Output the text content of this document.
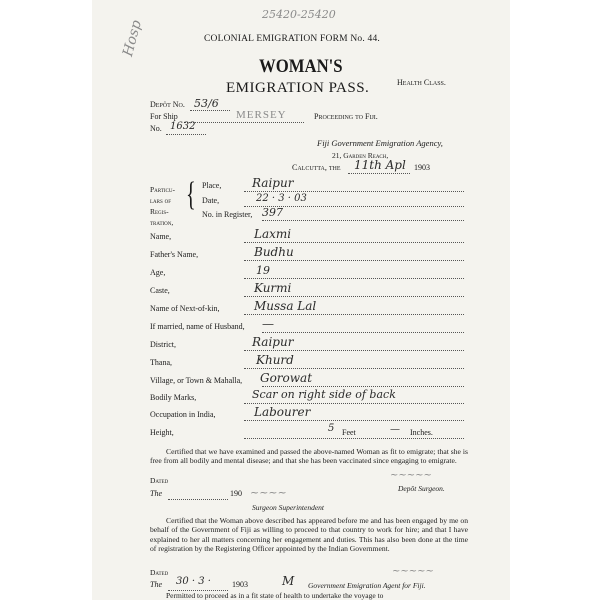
25420-25420
COLONIAL EMIGRATION FORM No. 44.
Hosp
WOMAN'S
EMIGRATION PASS.	Health Class.
Depôt No. 53/6
For Ship	MERSEY	Proceeding to Fiji.
No. 1632
Fiji Government Emigration Agency,
21, Garden Reach,
Calcutta, the 11th Apl 1903
Particu-
lars of
Regis-
tration,
{ Place,	Raipur
Date,	22 · 3 · 03
No. in Register, 397
Name,	Laxmi
Father's Name,	Budhu
Age,	19
Caste,	Kurmi
Name of Next-of-kin,	Mussa Lal
If married, name of Husband, —
District,	Raipur
Thana,	Khurd
Village, or Town & Mahalla, Gorowat
Bodily Marks,	Scar on right side of back
Occupation in India,	Labourer
Height,	5 Feet	— Inches.
Certified that we have examined and passed the above-named Woman as fit to emigrate; that she is free from all bodily and mental disease; and that she has been vaccinated since engaging to emigrate.
Dated
The	190 ~~~~
~~~~~
Surgeon Superintendent
Depôt Surgeon.
Certified that the Woman above described has appeared before me and has been engaged by me on behalf of the Government of Fiji as willing to proceed to that country to work for hire; and that I have explained to her all matters concerning her engagement and duties. This has also been done at the time of registration by the Registering Officer appointed by the Indian Government.
Dated
The 30 · 3 ·	1903
~~~~~
M Government Emigration Agent for Fiji.
Permitted to proceed as in a fit state of health to undertake the voyage to
